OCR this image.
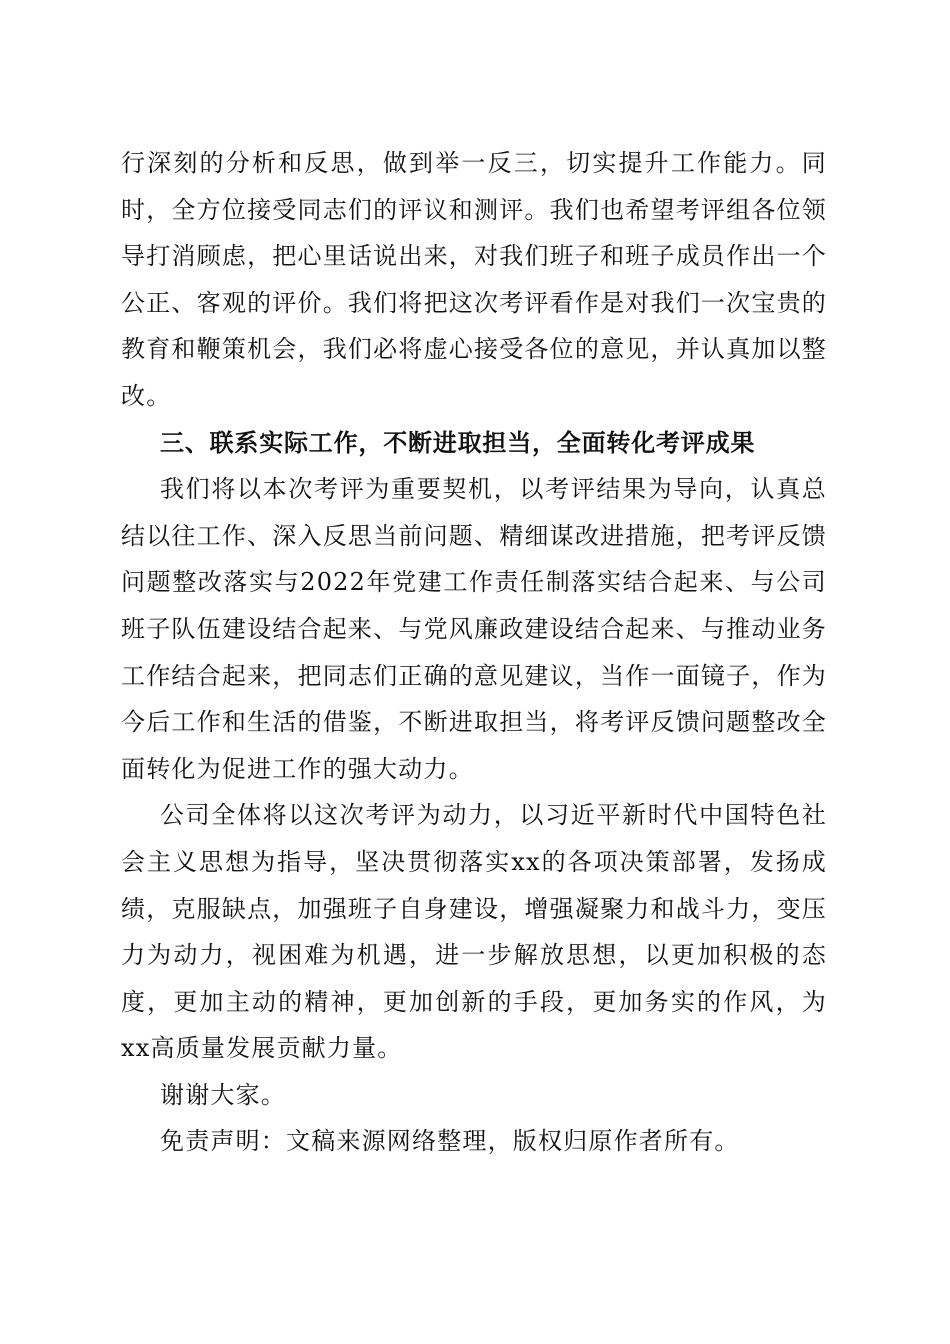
行深刻的分析和反思，做到举一反三，切实提升工作能力。同时，全方位接受同志们的评议和测评。我们也希望考评组各位领导打消顾虑，把心里话说出来，对我们班子和班子成员作出一个公正、客观的评价。我们将把这次考评看作是对我们一次宝贵的教育和鞭策机会，我们必将虚心接受各位的意见，并认真加以整改。

三、联系实际工作，不断进取担当，全面转化考评成果

我们将以本次考评为重要契机，以考评结果为导向，认真总结以往工作、深入反思当前问题、精细谋改进措施，把考评反馈问题整改落实与2022年党建工作责任制落实结合起来、与公司班子队伍建设结合起来、与党风廉政建设结合起来、与推动业务工作结合起来，把同志们正确的意见建议，当作一面镜子，作为今后工作和生活的借鉴，不断进取担当，将考评反馈问题整改全面转化为促进工作的强大动力。

公司全体将以这次考评为动力，以习近平新时代中国特色社会主义思想为指导，坚决贯彻落实xx的各项决策部署，发扬成绩，克服缺点，加强班子自身建设，增强凝聚力和战斗力，变压力为动力，视困难为机遇，进一步解放思想，以更加积极的态度，更加主动的精神，更加创新的手段，更加务实的作风，为xx高质量发展贡献力量。

谢谢大家。

免责声明：文稿来源网络整理，版权归原作者所有。
